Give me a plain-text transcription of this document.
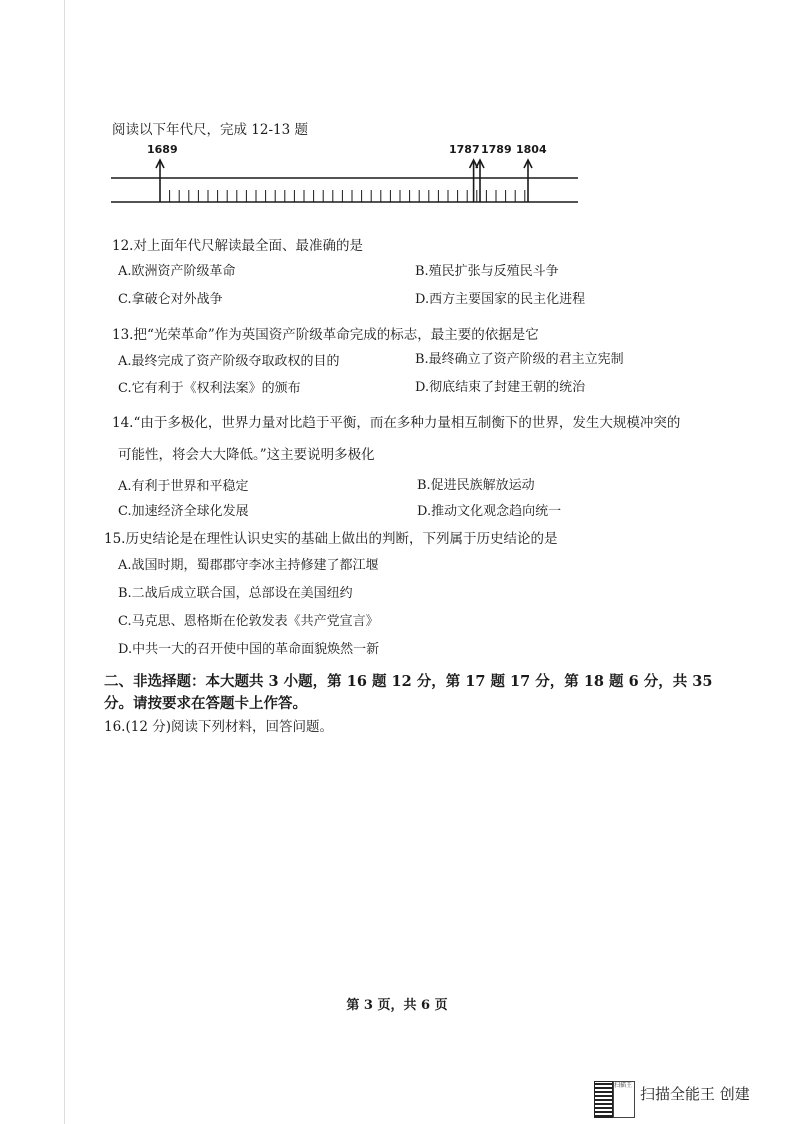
阅读以下年代尺，完成 12-13 题
1689	1787 1789 1804
12.对上面年代尺解读最全面、最准确的是
A.欧洲资产阶级革命	B.殖民扩张与反殖民斗争
C.拿破仑对外战争	D.西方主要国家的民主化进程
13.把“光荣革命”作为英国资产阶级革命完成的标志，最主要的依据是它
A.最终完成了资产阶级夺取政权的目的	B.最终确立了资产阶级的君主立宪制
C.它有利于《权利法案》的颁布	D.彻底结束了封建王朝的统治
14.“由于多极化，世界力量对比趋于平衡，而在多种力量相互制衡下的世界，发生大规模冲突的
可能性，将会大大降低。”这主要说明多极化
A.有利于世界和平稳定	B.促进民族解放运动
C.加速经济全球化发展	D.推动文化观念趋向统一
15.历史结论是在理性认识史实的基础上做出的判断，下列属于历史结论的是
A.战国时期，蜀郡郡守李冰主持修建了都江堰
B.二战后成立联合国，总部设在美国纽约
C.马克思、恩格斯在伦敦发表《共产党宣言》
D.中共一大的召开使中国的革命面貌焕然一新
二、非选择题：本大题共 3 小题，第 16 题 12 分，第 17 题 17 分，第 18 题 6 分，共 35
分。请按要求在答题卡上作答。
16.(12 分)阅读下列材料，回答问题。
第 3 页，共 6 页
扫描王 扫描全能王 创建
